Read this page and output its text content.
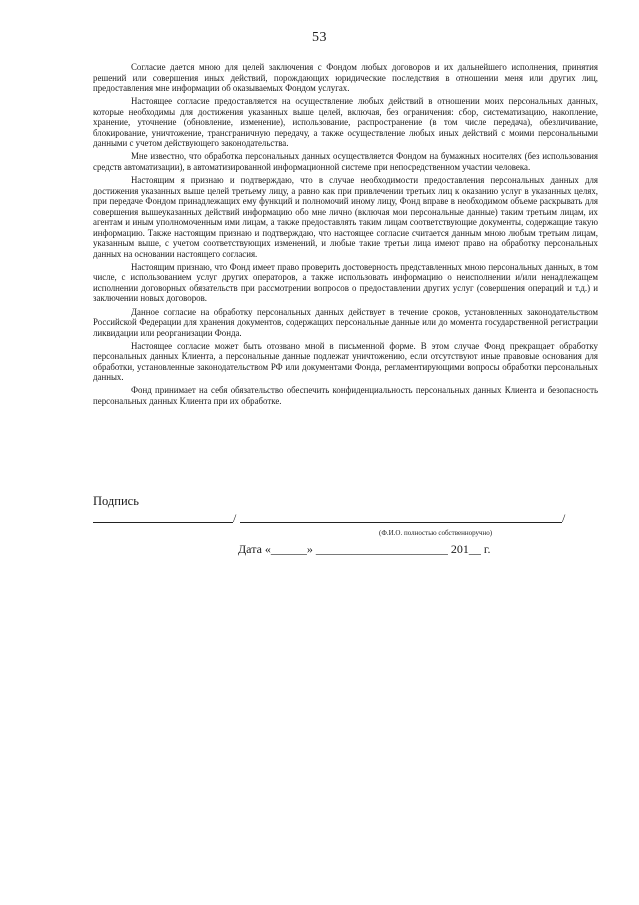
53

Согласие дается мною для целей заключения с Фондом любых договоров и их дальнейшего исполнения, принятия решений или совершения иных действий, порождающих юридические последствия в отношении меня или других лиц, предоставления мне информации об оказываемых Фондом услугах.

Настоящее согласие предоставляется на осуществление любых действий в отношении моих персональных данных, которые необходимы для достижения указанных выше целей, включая, без ограничения: сбор, систематизацию, накопление, хранение, уточнение (обновление, изменение), использование, распространение (в том числе передача), обезличивание, блокирование, уничтожение, трансграничную передачу, а также осуществление любых иных действий с моими персональными данными с учетом действующего законодательства.

Мне известно, что обработка персональных данных осуществляется Фондом на бумажных носителях (без использования средств автоматизации), в автоматизированной информационной системе при непосредственном участии человека.

Настоящим я признаю и подтверждаю, что в случае необходимости предоставления персональных данных для достижения указанных выше целей третьему лицу, а равно как при привлечении третьих лиц к оказанию услуг в указанных целях, при передаче Фондом принадлежащих ему функций и полномочий иному лицу, Фонд вправе в необходимом объеме раскрывать для совершения вышеуказанных действий информацию обо мне лично (включая мои персональные данные) таким третьим лицам, их агентам и иным уполномоченным ими лицам, а также предоставлять таким лицам соответствующие документы, содержащие такую информацию. Также настоящим признаю и подтверждаю, что настоящее согласие считается данным мною любым третьим лицам, указанным выше, с учетом соответствующих изменений, и любые такие третьи лица имеют право на обработку персональных данных на основании настоящего согласия.

Настоящим признаю, что Фонд имеет право проверить достоверность представленных мною персональных данных, в том числе, с использованием услуг других операторов, а также использовать информацию о неисполнении и/или ненадлежащем исполнении договорных обязательств при рассмотрении вопросов о предоставлении других услуг (совершения операций и т.д.) и заключении новых договоров.

Данное согласие на обработку персональных данных действует в течение сроков, установленных законодательством Российской Федерации для хранения документов, содержащих персональные данные или до момента государственной регистрации ликвидации или реорганизации Фонда.

Настоящее согласие может быть отозвано мной в письменной форме. В этом случае Фонд прекращает обработку персональных данных Клиента, а персональные данные подлежат уничтожению, если отсутствуют иные правовые основания для обработки, установленные законодательством РФ или документами Фонда, регламентирующими вопросы обработки персональных данных.

Фонд принимает на себя обязательство обеспечить конфиденциальность персональных данных Клиента и безопасность персональных данных Клиента при их обработке.

Подпись

/	/
(Ф.И.О. полностью собственноручно)
Дата «______» ______________________ 201__ г.
